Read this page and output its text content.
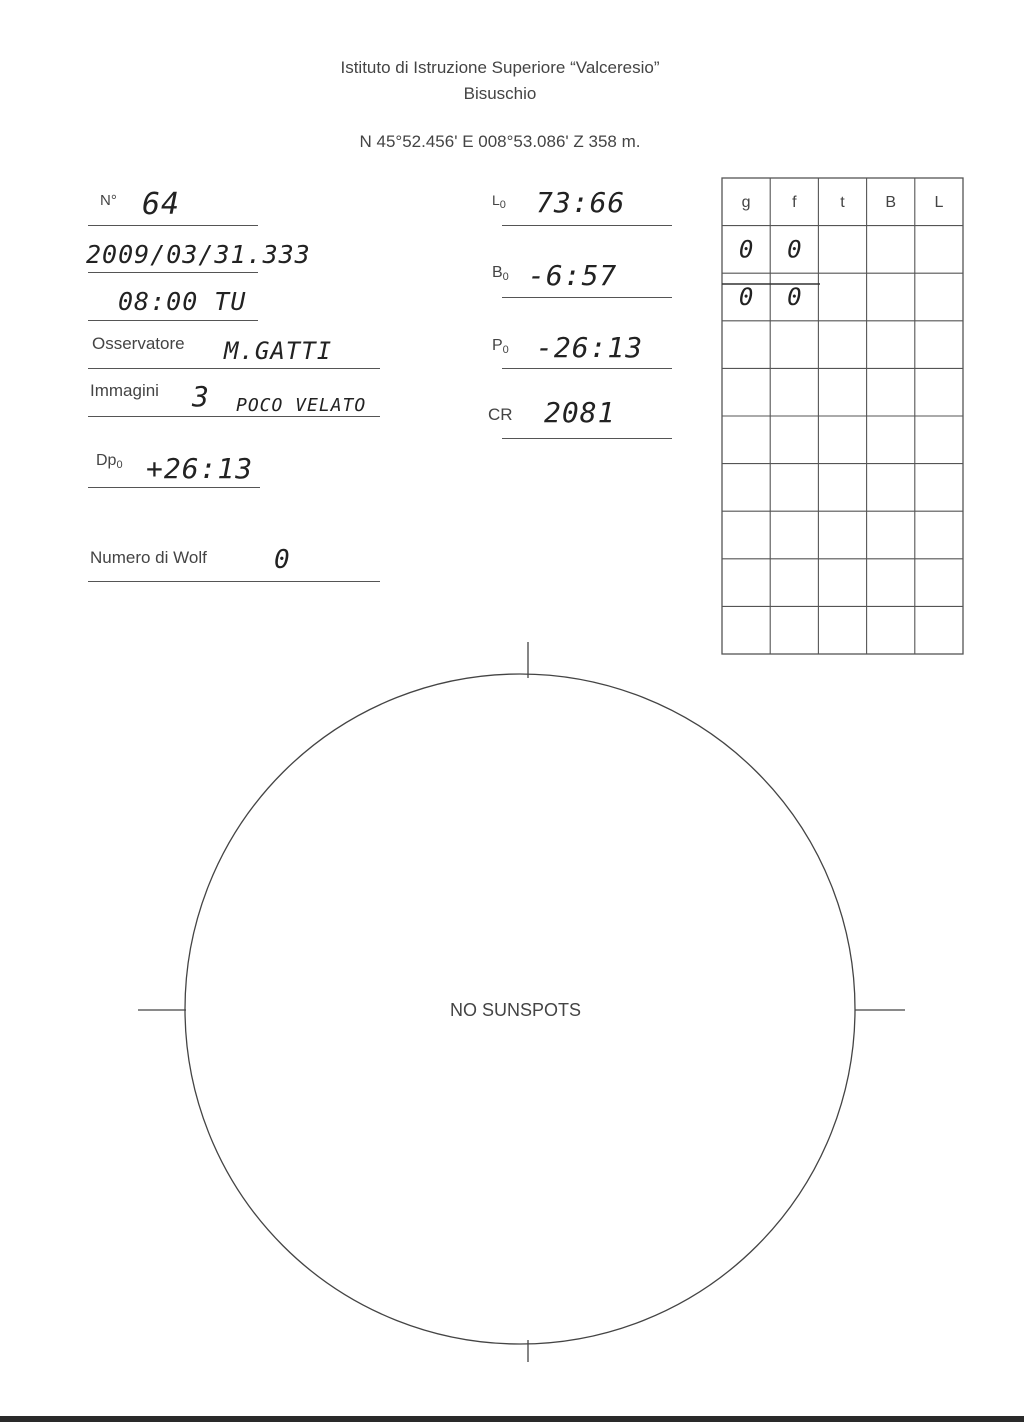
Istituto di Istruzione Superiore “Valceresio”
Bisuschio
N 45°52.456' E 008°53.086' Z 358 m.
N° 64
2009/03/31.333
08:00 TU
Osservatore M.GATTI
Immagini 3 POCO VELATO
$Dp_0$ +26:13
Numero di Wolf	0
$L_0$ 73:66
$B_0$ -6:57
$P_0$ -26:13
CR 2081
g	f	t	B L
0 0
0 0
NO SUNSPOTS
